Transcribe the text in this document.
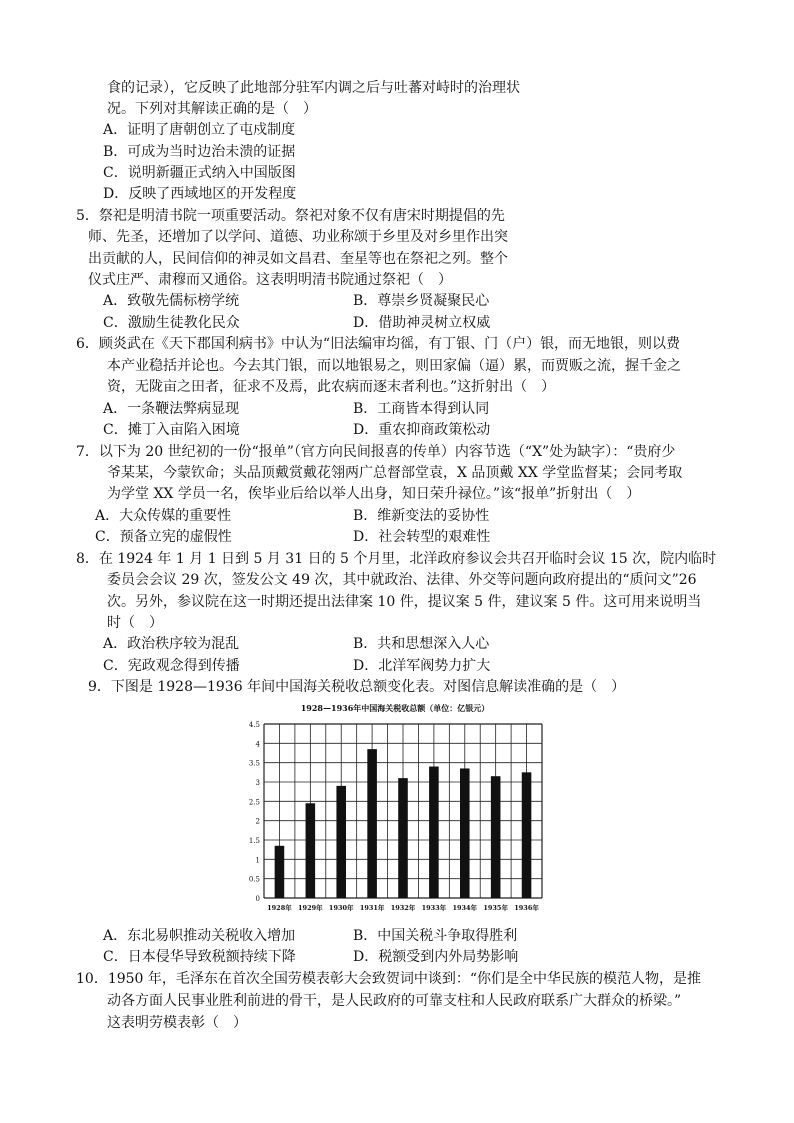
食的记录），它反映了此地部分驻军内调之后与吐蕃对峙时的治理状
况。下列对其解读正确的是（　）
A．证明了唐朝创立了屯戍制度
B．可成为当时边治未溃的证据
C．说明新疆正式纳入中国版图
D．反映了西域地区的开发程度
5．祭祀是明清书院一项重要活动。祭祀对象不仅有唐宋时期提倡的先
师、先圣，还增加了以学问、道德、功业称颂于乡里及对乡里作出突
出贡献的人，民间信仰的神灵如文昌君、奎星等也在祭祀之列。整个
仪式庄严、肃穆而又通俗。这表明明清书院通过祭祀（　）
A．致敬先儒标榜学统	B．尊崇乡贤凝聚民心
C．激励生徒教化民众	D．借助神灵树立权威
6．顾炎武在《天下郡国利病书》中认为“旧法编审均徭，有丁银、门（户）银，而无地银，则以费
本产业稳括并论也。今去其门银，而以地银易之，则田家偏（逼）累，而贾贩之流，握千金之
资，无陇亩之田者，征求不及焉，此农病而逐末者利也。”这折射出（　）
A．一条鞭法弊病显现	B．工商皆本得到认同
C．摊丁入亩陷入困境	D．重农抑商政策松动
7．以下为 20 世纪初的一份“报单”（官方向民间报喜的传单）内容节选（“X”处为缺字）：“贵府少
爷某某，今蒙钦命；头品顶戴赏戴花翎两广总督部堂袁，X 品顶戴 XX 学堂监督某；会同考取
为学堂 XX 学员一名，俟毕业后给以举人出身，知日荣升禄位。”该“报单”折射出（　）
A．大众传媒的重要性	B．维新变法的妥协性
C．预备立宪的虚假性	D．社会转型的艰难性
8．在 1924 年 1 月 1 日到 5 月 31 日的 5 个月里，北洋政府参议会共召开临时会议 15 次，院内临时
委员会会议 29 次，签发公文 49 次，其中就政治、法律、外交等问题向政府提出的“质问文”26
次。另外，参议院在这一时期还提出法律案 10 件，提议案 5 件，建议案 5 件。这可用来说明当
时（　）
A．政治秩序较为混乱	B．共和思想深入人心
C．宪政观念得到传播	D．北洋军阀势力扩大
9．下图是 1928—1936 年间中国海关税收总额变化表。对图信息解读准确的是（　）
1928—1936年中国海关税收总额（单位：亿银元）
0
0.5
1
1.5
2
2.5
3
3.5
4
4.5
1928年 1929年 1930年 1931年 1932年 1933年 1934年 1935年 1936年
A．东北易帜推动关税收入增加	B．中国关税斗争取得胜利
C．日本侵华导致税额持续下降	D．税额受到内外局势影响
10．1950 年，毛泽东在首次全国劳模表彰大会致贺词中谈到：“你们是全中华民族的模范人物，是推
动各方面人民事业胜利前进的骨干，是人民政府的可靠支柱和人民政府联系广大群众的桥梁。”
这表明劳模表彰（　）
